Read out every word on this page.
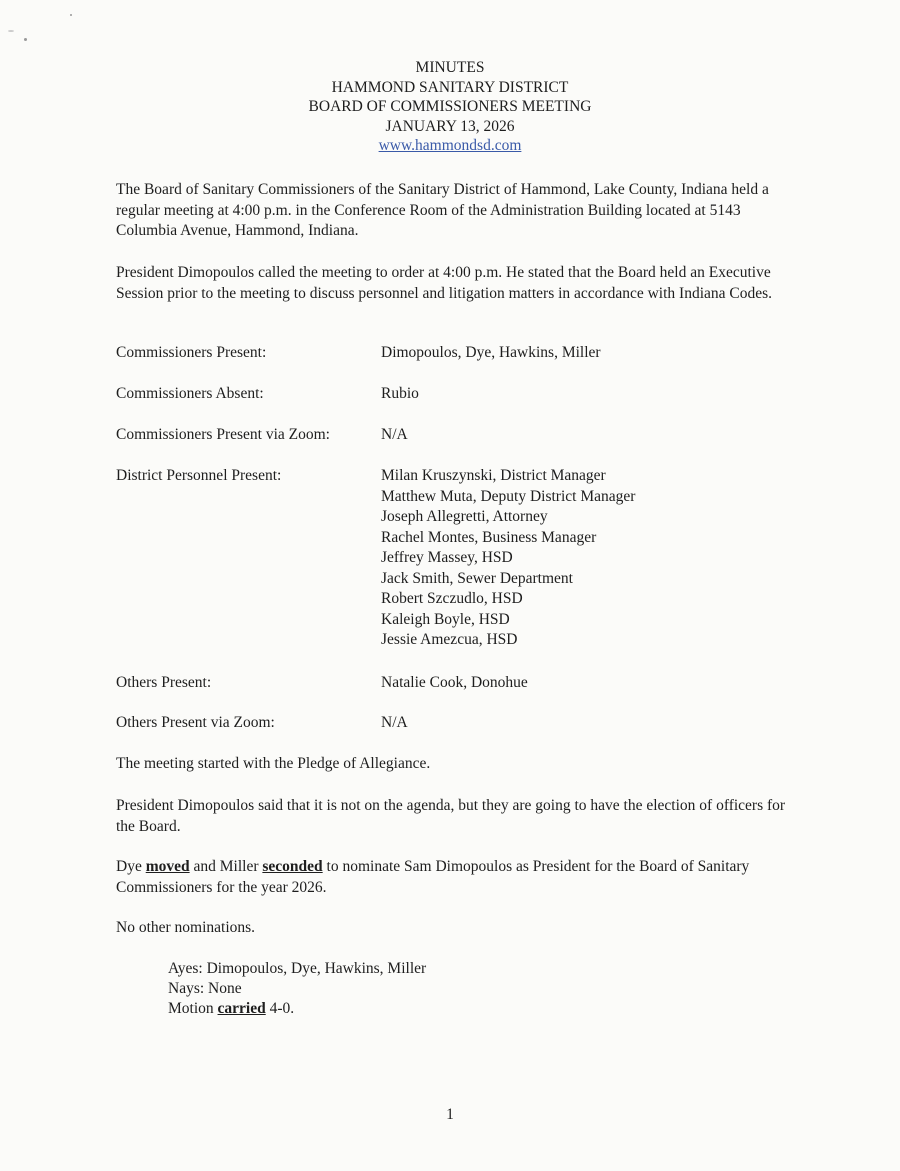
MINUTES
HAMMOND SANITARY DISTRICT
BOARD OF COMMISSIONERS MEETING
JANUARY 13, 2026
www.hammondsd.com
The Board of Sanitary Commissioners of the Sanitary District of Hammond, Lake County, Indiana held a regular meeting at 4:00 p.m. in the Conference Room of the Administration Building located at 5143 Columbia Avenue, Hammond, Indiana.
President Dimopoulos called the meeting to order at 4:00 p.m. He stated that the Board held an Executive Session prior to the meeting to discuss personnel and litigation matters in accordance with Indiana Codes.
Commissioners Present:	Dimopoulos, Dye, Hawkins, Miller
Commissioners Absent:	Rubio
Commissioners Present via Zoom:	N/A
District Personnel Present:	Milan Kruszynski, District Manager
Matthew Muta, Deputy District Manager
Joseph Allegretti, Attorney
Rachel Montes, Business Manager
Jeffrey Massey, HSD
Jack Smith, Sewer Department
Robert Szczudlo, HSD
Kaleigh Boyle, HSD
Jessie Amezcua, HSD
Others Present:	Natalie Cook, Donohue
Others Present via Zoom:	N/A
The meeting started with the Pledge of Allegiance.
President Dimopoulos said that it is not on the agenda, but they are going to have the election of officers for the Board.
Dye moved and Miller seconded to nominate Sam Dimopoulos as President for the Board of Sanitary Commissioners for the year 2026.
No other nominations.
Ayes: Dimopoulos, Dye, Hawkins, Miller
Nays: None
Motion carried 4-0.
1
